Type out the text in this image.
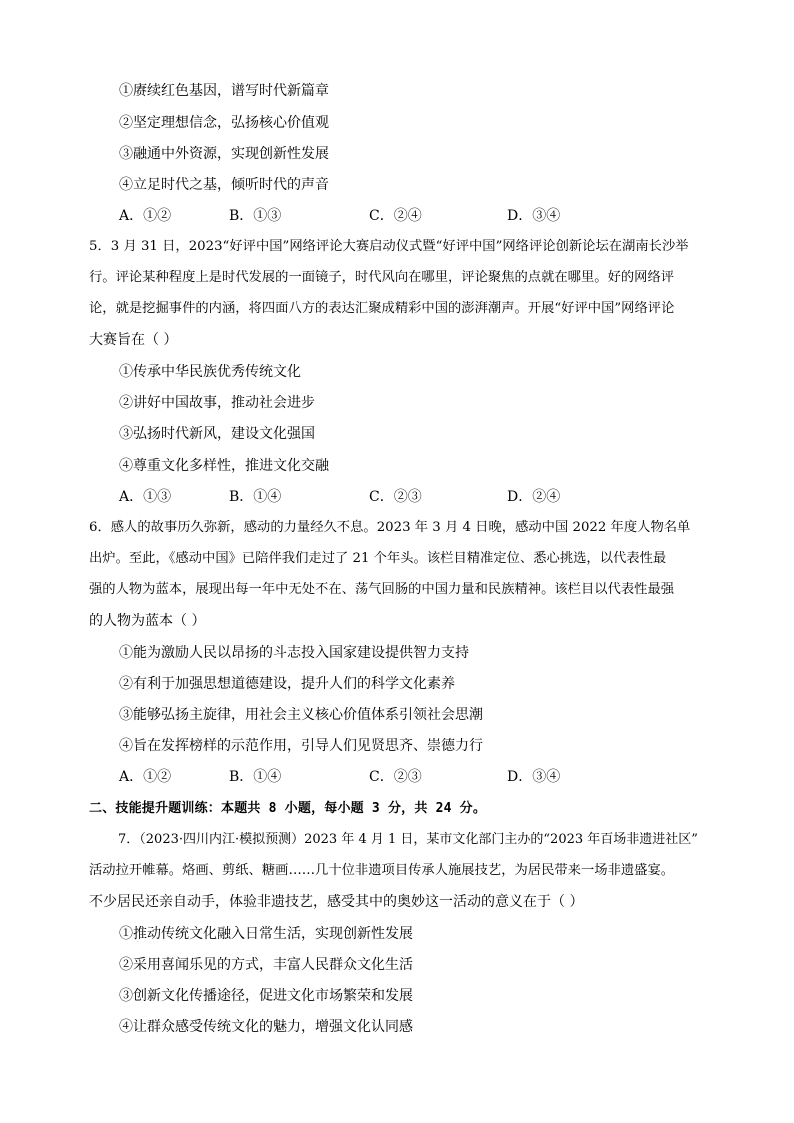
①赓续红色基因，谱写时代新篇章
②坚定理想信念，弘扬核心价值观
③融通中外资源，实现创新性发展
④立足时代之基，倾听时代的声音
A．①②	B．①③	C．②④	D．③④
5．3 月 31 日，2023“好评中国”网络评论大赛启动仪式暨“好评中国”网络评论创新论坛在湖南长沙举
行。评论某种程度上是时代发展的一面镜子，时代风向在哪里，评论聚焦的点就在哪里。好的网络评
论，就是挖掘事件的内涵，将四面八方的表达汇聚成精彩中国的澎湃潮声。开展“好评中国”网络评论
大赛旨在（ ）
①传承中华民族优秀传统文化
②讲好中国故事，推动社会进步
③弘扬时代新风，建设文化强国
④尊重文化多样性，推进文化交融
A．①③	B．①④	C．②③	D．②④
6．感人的故事历久弥新，感动的力量经久不息。2023 年 3 月 4 日晚，感动中国 2022 年度人物名单
出炉。至此，《感动中国》已陪伴我们走过了 21 个年头。该栏目精准定位、悉心挑选，以代表性最
强的人物为蓝本，展现出每一年中无处不在、荡气回肠的中国力量和民族精神。该栏目以代表性最强
的人物为蓝本（ ）
①能为激励人民以昂扬的斗志投入国家建设提供智力支持
②有利于加强思想道德建设，提升人们的科学文化素养
③能够弘扬主旋律，用社会主义核心价值体系引领社会思潮
④旨在发挥榜样的示范作用，引导人们见贤思齐、崇德力行
A．①②	B．①④	C．②③	D．③④
二、技能提升题训练：本题共 8 小题，每小题 3 分，共 24 分。
7．（2023·四川内江·模拟预测）2023 年 4 月 1 日，某市文化部门主办的“2023 年百场非遗进社区”
活动拉开帷幕。烙画、剪纸、糖画……几十位非遗项目传承人施展技艺，为居民带来一场非遗盛宴。
不少居民还亲自动手，体验非遗技艺，感受其中的奥妙这一活动的意义在于（ ）
①推动传统文化融入日常生活，实现创新性发展
②采用喜闻乐见的方式，丰富人民群众文化生活
③创新文化传播途径，促进文化市场繁荣和发展
④让群众感受传统文化的魅力，增强文化认同感
